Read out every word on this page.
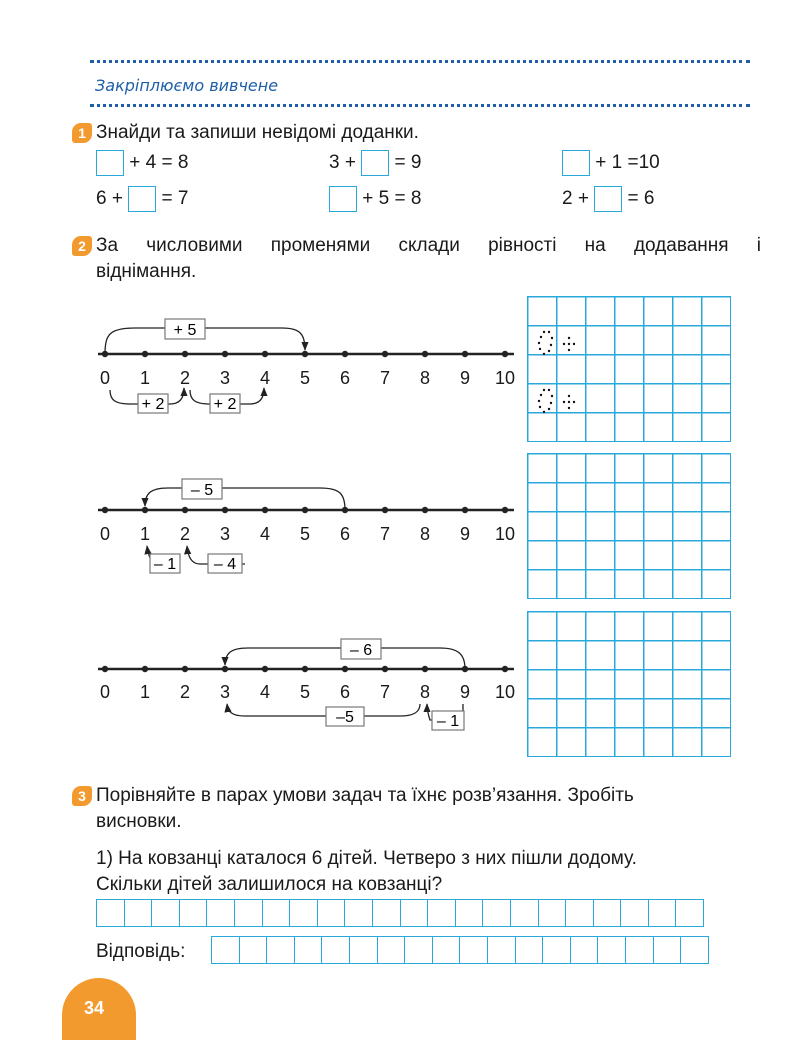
Закріплюємо вивчене
1 Знайди та запиши невідомі доданки.
+ 4 = 8	3 + = 9	+ 1 =10
6 + = 7	+ 5 = 8	2 + = 6
2 За числовими променями склади рівності на додавання і
віднімання.
0 1 2 3 4 5 6 7 8 9 10
+ 5
+ 2	+ 2
0 1 2 3 4 5 6 7 8 9 10
– 5
– 1 – 4
0 1 2 3 4 5 6 7 8 9 10
– 6
–5	– 1
3 Порівняйте в парах умови задач та їхнє розв’язання. Зробіть
висновки.
1) На ковзанці каталося 6 дітей. Четверо з них пішли додому.
Скільки дітей залишилося на ковзанці?
Відповідь:
34
